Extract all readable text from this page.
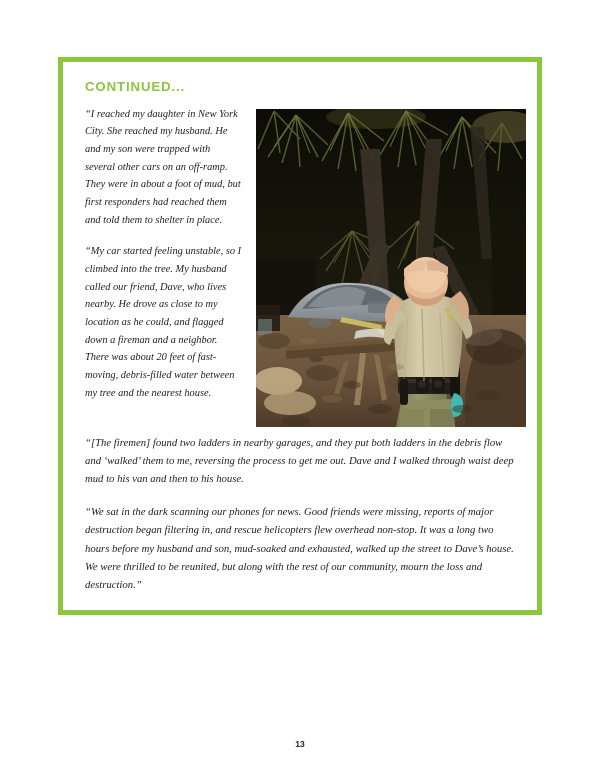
CONTINUED...

“I reached my daughter in New York City. She reached my husband. He and my son were trapped with several other cars on an off-ramp. They were in about a foot of mud, but first responders had reached them and told them to shelter in place.

“My car started feeling unstable, so I climbed into the tree. My husband called our friend, Dave, who lives nearby. He drove as close to my location as he could, and flagged down a fireman and a neighbor. There was about 20 feet of fast-moving, debris-filled water between my tree and the nearest house.

“[The firemen] found two ladders in nearby garages, and they put both ladders in the debris flow and ‘walked’ them to me, reversing the process to get me out. Dave and I walked through waist deep mud to his van and then to his house.

“We sat in the dark scanning our phones for news. Good friends were missing, reports of major destruction began filtering in, and rescue helicopters flew overhead non-stop. It was a long two hours before my husband and son, mud-soaked and exhausted, walked up the street to Dave’s house. We were thrilled to be reunited, but along with the rest of our community, mourn the loss and destruction.”

13
